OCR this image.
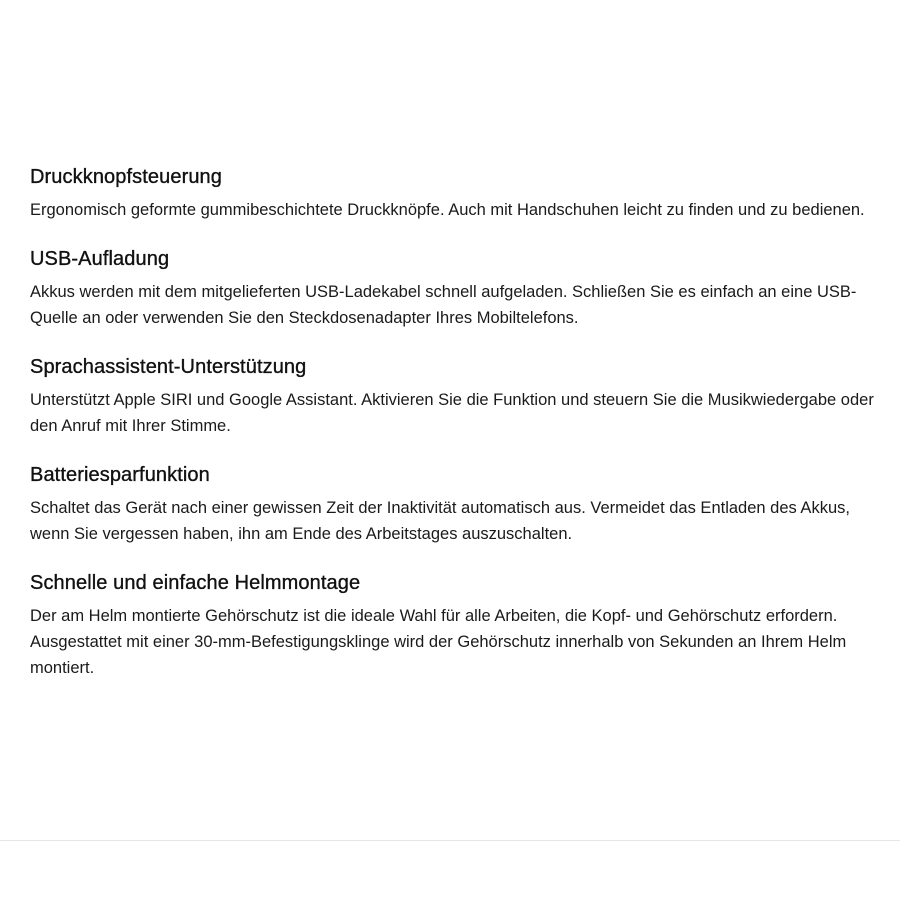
Druckknopfsteuerung

Ergonomisch geformte gummibeschichtete Druckknöpfe. Auch mit Handschuhen leicht zu finden und zu bedienen.

USB-Aufladung

Akkus werden mit dem mitgelieferten USB-Ladekabel schnell aufgeladen. Schließen Sie es einfach an eine USB-Quelle an oder verwenden Sie den Steckdosenadapter Ihres Mobiltelefons.

Sprachassistent-Unterstützung

Unterstützt Apple SIRI und Google Assistant. Aktivieren Sie die Funktion und steuern Sie die Musikwiedergabe oder den Anruf mit Ihrer Stimme.

Batteriesparfunktion

Schaltet das Gerät nach einer gewissen Zeit der Inaktivität automatisch aus. Vermeidet das Entladen des Akkus, wenn Sie vergessen haben, ihn am Ende des Arbeitstages auszuschalten.

Schnelle und einfache Helmmontage

Der am Helm montierte Gehörschutz ist die ideale Wahl für alle Arbeiten, die Kopf- und Gehörschutz erfordern. Ausgestattet mit einer 30-mm-Befestigungsklinge wird der Gehörschutz innerhalb von Sekunden an Ihrem Helm montiert.
